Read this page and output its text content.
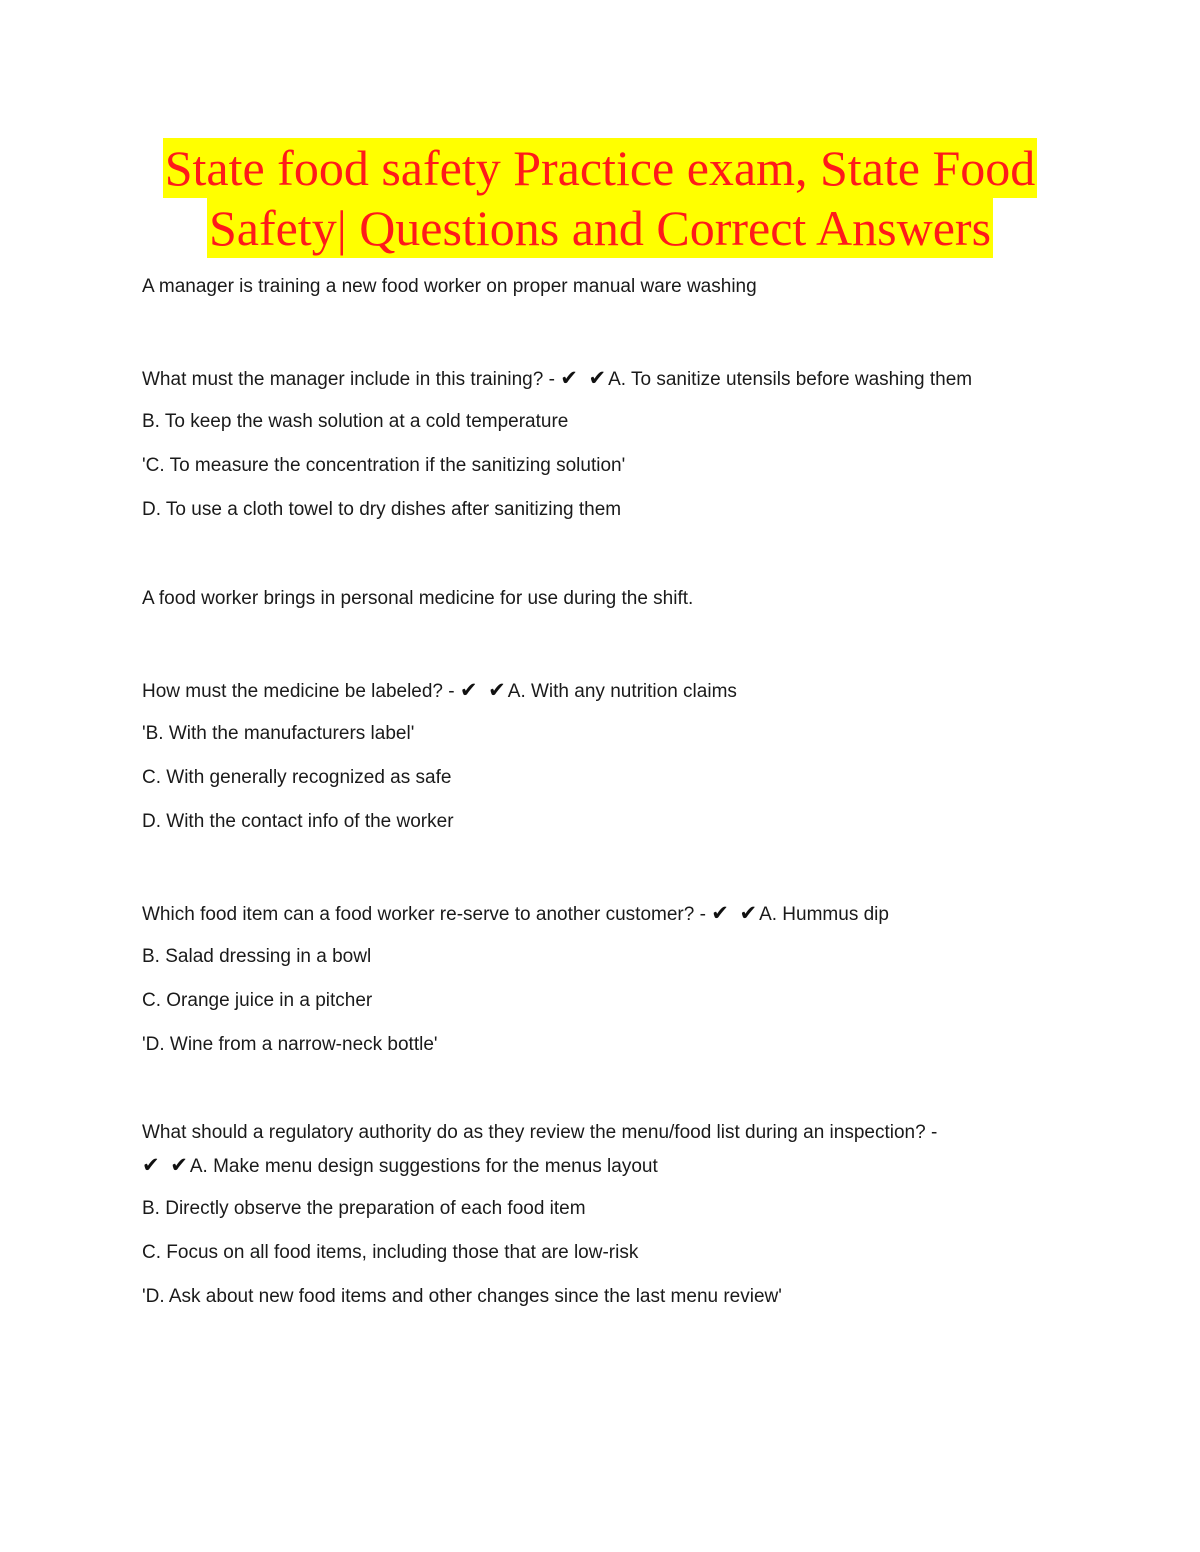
State food safety Practice exam, State Food
Safety| Questions and Correct Answers
A manager is training a new food worker on proper manual ware washing
What must the manager include in this training? - ✔ ✔A. To sanitize utensils before washing them
B. To keep the wash solution at a cold temperature
'C. To measure the concentration if the sanitizing solution'
D. To use a cloth towel to dry dishes after sanitizing them
A food worker brings in personal medicine for use during the shift.
How must the medicine be labeled? - ✔ ✔A. With any nutrition claims
'B. With the manufacturers label'
C. With generally recognized as safe
D. With the contact info of the worker
Which food item can a food worker re-serve to another customer? - ✔ ✔A. Hummus dip
B. Salad dressing in a bowl
C. Orange juice in a pitcher
'D. Wine from a narrow-neck bottle'
What should a regulatory authority do as they review the menu/food list during an inspection? -
✔ ✔A. Make menu design suggestions for the menus layout
B. Directly observe the preparation of each food item
C. Focus on all food items, including those that are low-risk
'D. Ask about new food items and other changes since the last menu review'
